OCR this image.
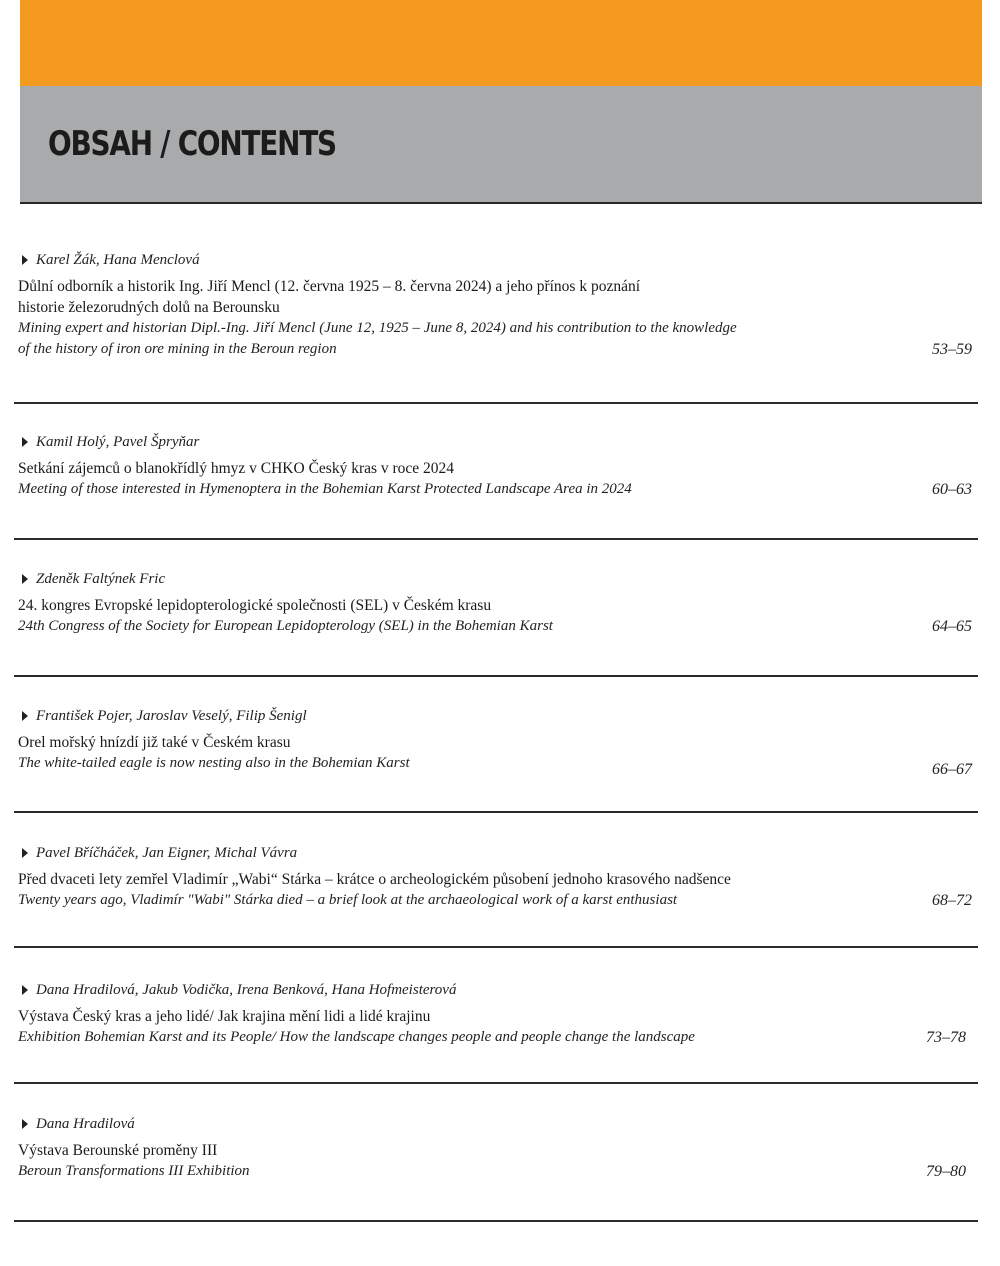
OBSAH / CONTENTS
Karel Žák, Hana Menclová

Důlní odborník a historik Ing. Jiří Mencl (12. června 1925 – 8. června 2024) a jeho přínos k poznání historie železorudných dolů na Berounsku

Mining expert and historian Dipl.-Ing. Jiří Mencl (June 12, 1925 – June 8, 2024) and his contribution to the knowledge of the history of iron ore mining in the Beroun region	53–59
Kamil Holý, Pavel Špryňar

Setkání zájemců o blanokřídlý hmyz v CHKO Český kras v roce 2024

Meeting of those interested in Hymenoptera in the Bohemian Karst Protected Landscape Area in 2024	60–63
Zdeněk Faltýnek Fric

24. kongres Evropské lepidopterologické společnosti (SEL) v Českém krasu

24th Congress of the Society for European Lepidopterology (SEL) in the Bohemian Karst	64–65
František Pojer, Jaroslav Veselý, Filip Šenigl

Orel mořský hnízdí již také v Českém krasu

The white-tailed eagle is now nesting also in the Bohemian Karst	66–67
Pavel Bříčháček, Jan Eigner, Michal Vávra

Před dvaceti lety zemřel Vladimír „Wabi“ Stárka – krátce o archeologickém působení jednoho krasového nadšence

Twenty years ago, Vladimír "Wabi" Stárka died – a brief look at the archaeological work of a karst enthusiast	68–72
Dana Hradilová, Jakub Vodička, Irena Benková, Hana Hofmeisterová

Výstava Český kras a jeho lidé/ Jak krajina mění lidi a lidé krajinu

Exhibition Bohemian Karst and its People/ How the landscape changes people and people change the landscape	73–78
Dana Hradilová

Výstava Berounské proměny III

Beroun Transformations III Exhibition	79–80
